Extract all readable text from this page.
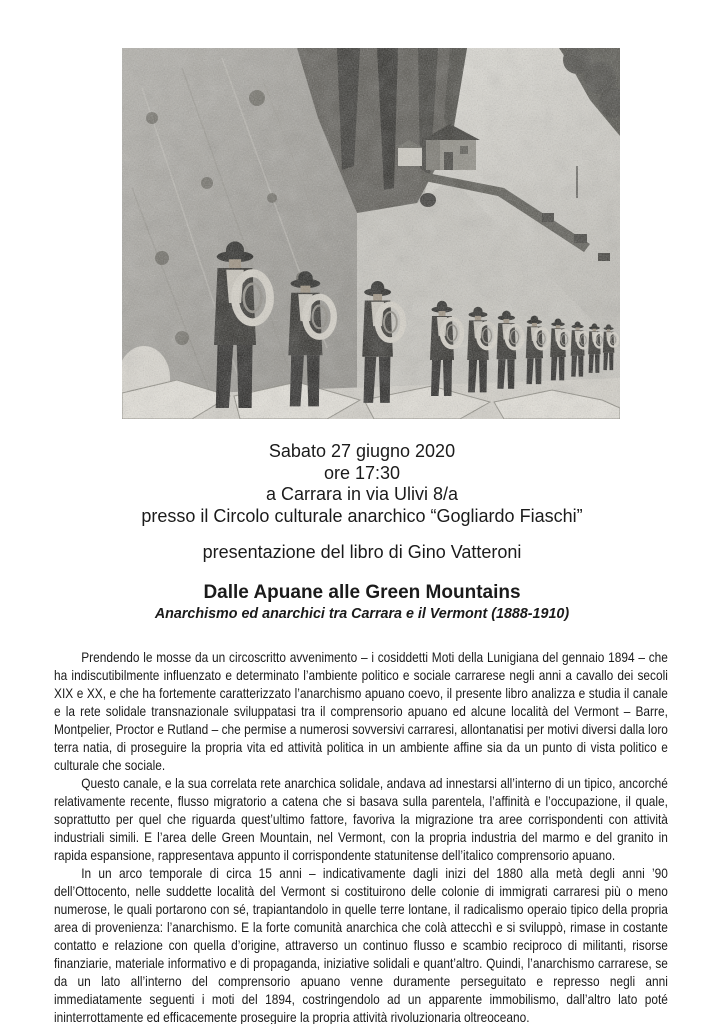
Sabato 27 giugno 2020
ore 17:30
a Carrara in via Ulivi 8/a
presso il Circolo culturale anarchico “Gogliardo Fiaschi”
presentazione del libro di Gino Vatteroni
Dalle Apuane alle Green Mountains
Anarchismo ed anarchici tra Carrara e il Vermont (1888-1910)

Prendendo le mosse da un circoscritto avvenimento – i cosiddetti Moti della Lunigiana del gennaio 1894 – che ha indiscutibilmente influenzato e determinato l’ambiente politico e sociale carrarese negli anni a cavallo dei secoli XIX e XX, e che ha fortemente caratterizzato l’anarchismo apuano coevo, il presente libro analizza e studia il canale e la rete solidale transnazionale sviluppatasi tra il comprensorio apuano ed alcune località del Vermont – Barre, Montpelier, Proctor e Rutland – che permise a numerosi sovversivi carraresi, allontanatisi per motivi diversi dalla loro terra natia, di proseguire la propria vita ed attività politica in un ambiente affine sia da un punto di vista politico e culturale che sociale.

Questo canale, e la sua correlata rete anarchica solidale, andava ad innestarsi all’interno di un tipico, ancorché relativamente recente, flusso migratorio a catena che si basava sulla parentela, l’affinità e l’occupazione, il quale, soprattutto per quel che riguarda quest’ultimo fattore, favoriva la migrazione tra aree corrispondenti con attività industriali simili. E l’area delle Green Mountain, nel Vermont, con la propria industria del marmo e del granito in rapida espansione, rappresentava appunto il corrispondente statunitense dell’italico comprensorio apuano.

In un arco temporale di circa 15 anni – indicativamente dagli inizi del 1880 alla metà degli anni ’90 dell’Ottocento, nelle suddette località del Vermont si costituirono delle colonie di immigrati carraresi più o meno numerose, le quali portarono con sé, trapiantandolo in quelle terre lontane, il radicalismo operaio tipico della propria area di provenienza: l’anarchismo. E la forte comunità anarchica che colà attecchì e si sviluppò, rimase in costante contatto e relazione con quella d’origine, attraverso un continuo flusso e scambio reciproco di militanti, risorse finanziarie, materiale informativo e di propaganda, iniziative solidali e quant’altro. Quindi, l’anarchismo carrarese, se da un lato all’interno del comprensorio apuano venne duramente perseguitato e represso negli anni immediatamente seguenti i moti del 1894, costringendolo ad un apparente immobilismo, dall’altro lato poté ininterrottamente ed efficacemente proseguire la propria attività rivoluzionaria oltreoceano.
